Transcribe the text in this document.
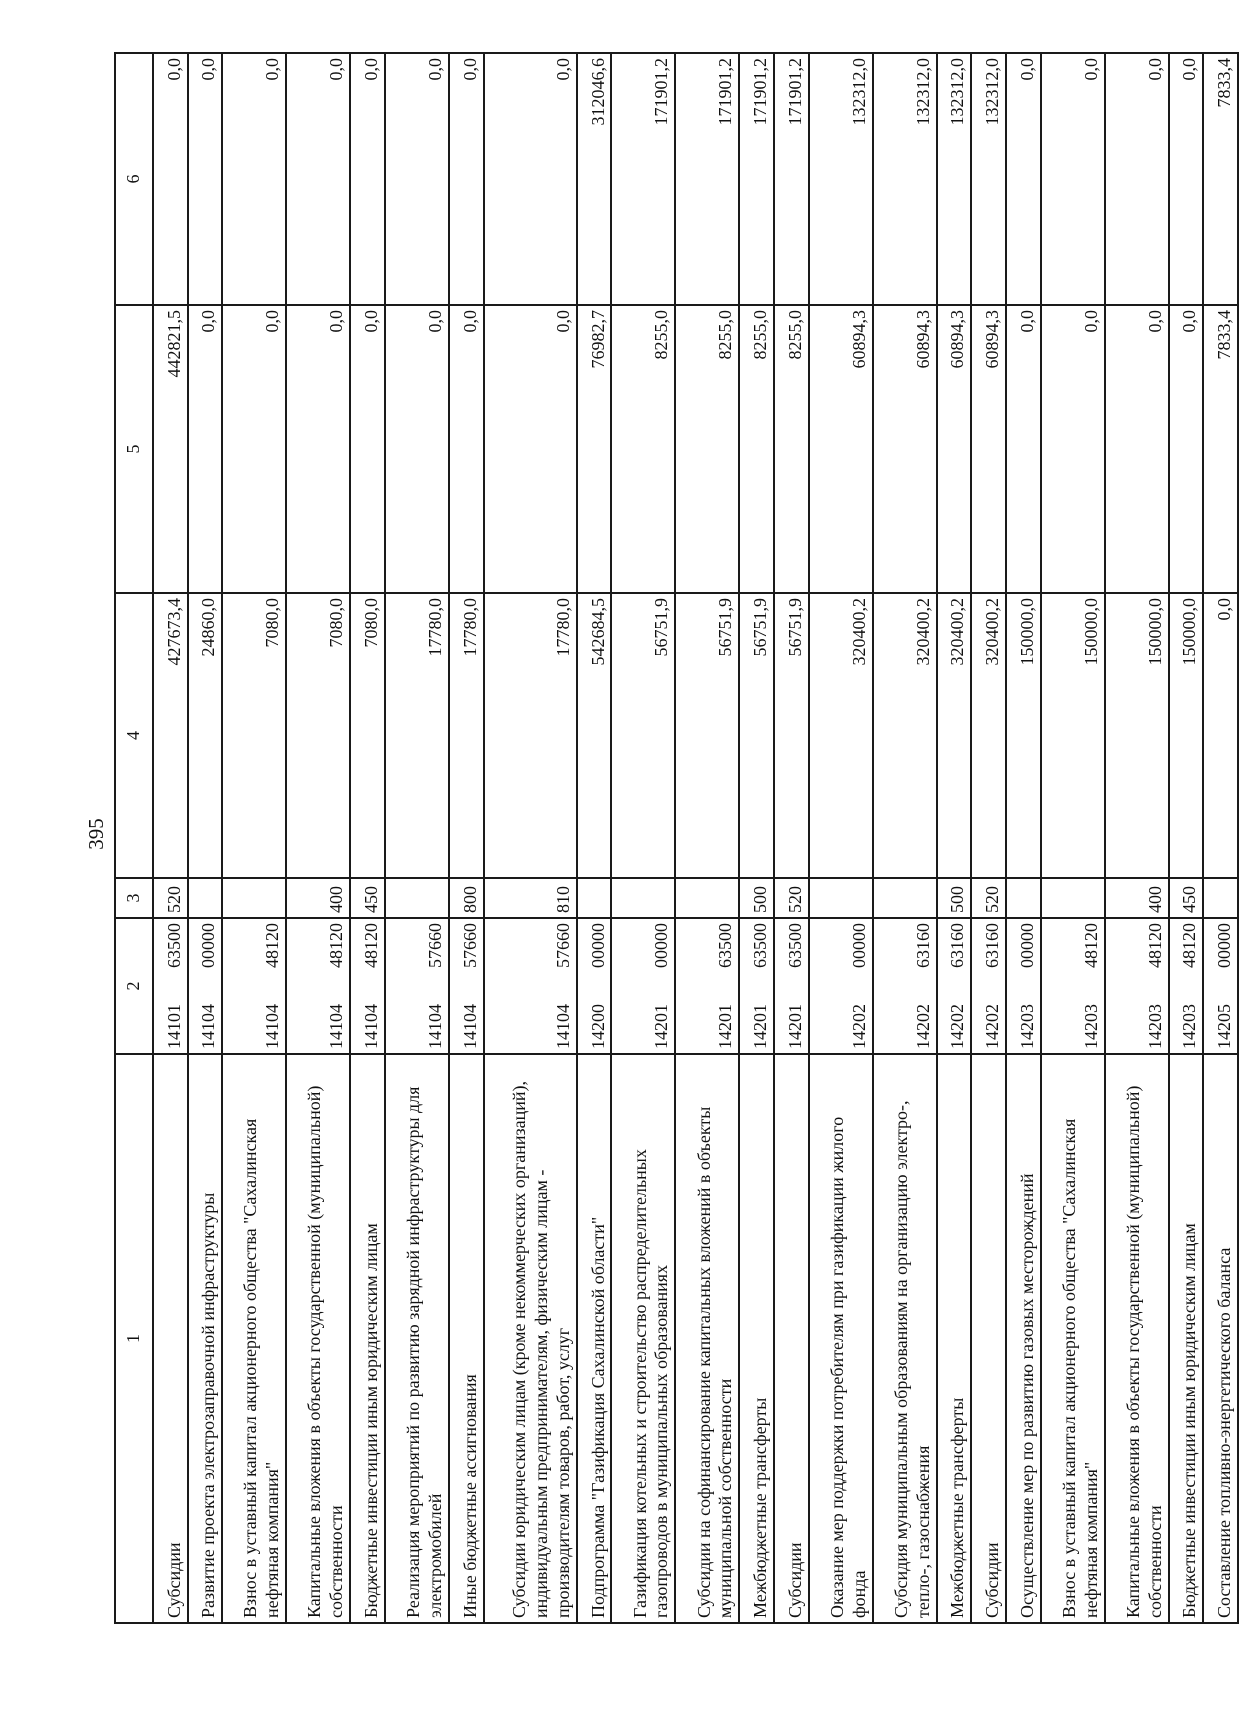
395
1	2		3	4	5	6
Субсидии	14101	63500	520	427673,4	442821,5	0,0
Развитие проекта электрозаправочной инфраструктуры	14104	00000		24860,0	0,0	0,0
Взнос в уставный капитал акционерного общества "Сахалинская нефтяная компания"	14104	48120		7080,0	0,0	0,0
Капитальные вложения в объекты государственной (муниципальной) собственности	14104	48120	400	7080,0	0,0	0,0
Бюджетные инвестиции иным юридическим лицам	14104	48120	450	7080,0	0,0	0,0
Реализация мероприятий по развитию зарядной инфраструктуры для электромобилей	14104	57660		17780,0	0,0	0,0
Иные бюджетные ассигнования	14104	57660	800	17780,0	0,0	0,0
Субсидии юридическим лицам (кроме некоммерческих организаций), индивидуальным предпринимателям, физическим лицам - производителям товаров, работ, услуг	14104	57660	810	17780,0	0,0	0,0
Подпрограмма "Газификация Сахалинской области"	14200	00000		542684,5	76982,7	312046,6
Газификация котельных и строительство распределительных газопроводов в муниципальных образованиях	14201	00000		56751,9	8255,0	171901,2
Субсидии на софинансирование капитальных вложений в объекты муниципальной собственности	14201	63500		56751,9	8255,0	171901,2
Межбюджетные трансферты	14201	63500	500	56751,9	8255,0	171901,2
Субсидии	14201	63500	520	56751,9	8255,0	171901,2
Оказание мер поддержки потребителям при газификации жилого фонда	14202	00000		320400,2	60894,3	132312,0
Субсидия муниципальным образованиям на организацию электро-, тепло-, газоснабжения	14202	63160		320400,2	60894,3	132312,0
Межбюджетные трансферты	14202	63160	500	320400,2	60894,3	132312,0
Субсидии	14202	63160	520	320400,2	60894,3	132312,0
Осуществление мер по развитию газовых месторождений	14203	00000		150000,0	0,0	0,0
Взнос в уставный капитал акционерного общества "Сахалинская нефтяная компания"	14203	48120		150000,0	0,0	0,0
Капитальные вложения в объекты государственной (муниципальной) собственности	14203	48120	400	150000,0	0,0	0,0
Бюджетные инвестиции иным юридическим лицам	14203	48120	450	150000,0	0,0	0,0
Составление топливно-энергетического баланса	14205	00000		0,0	7833,4	7833,4
